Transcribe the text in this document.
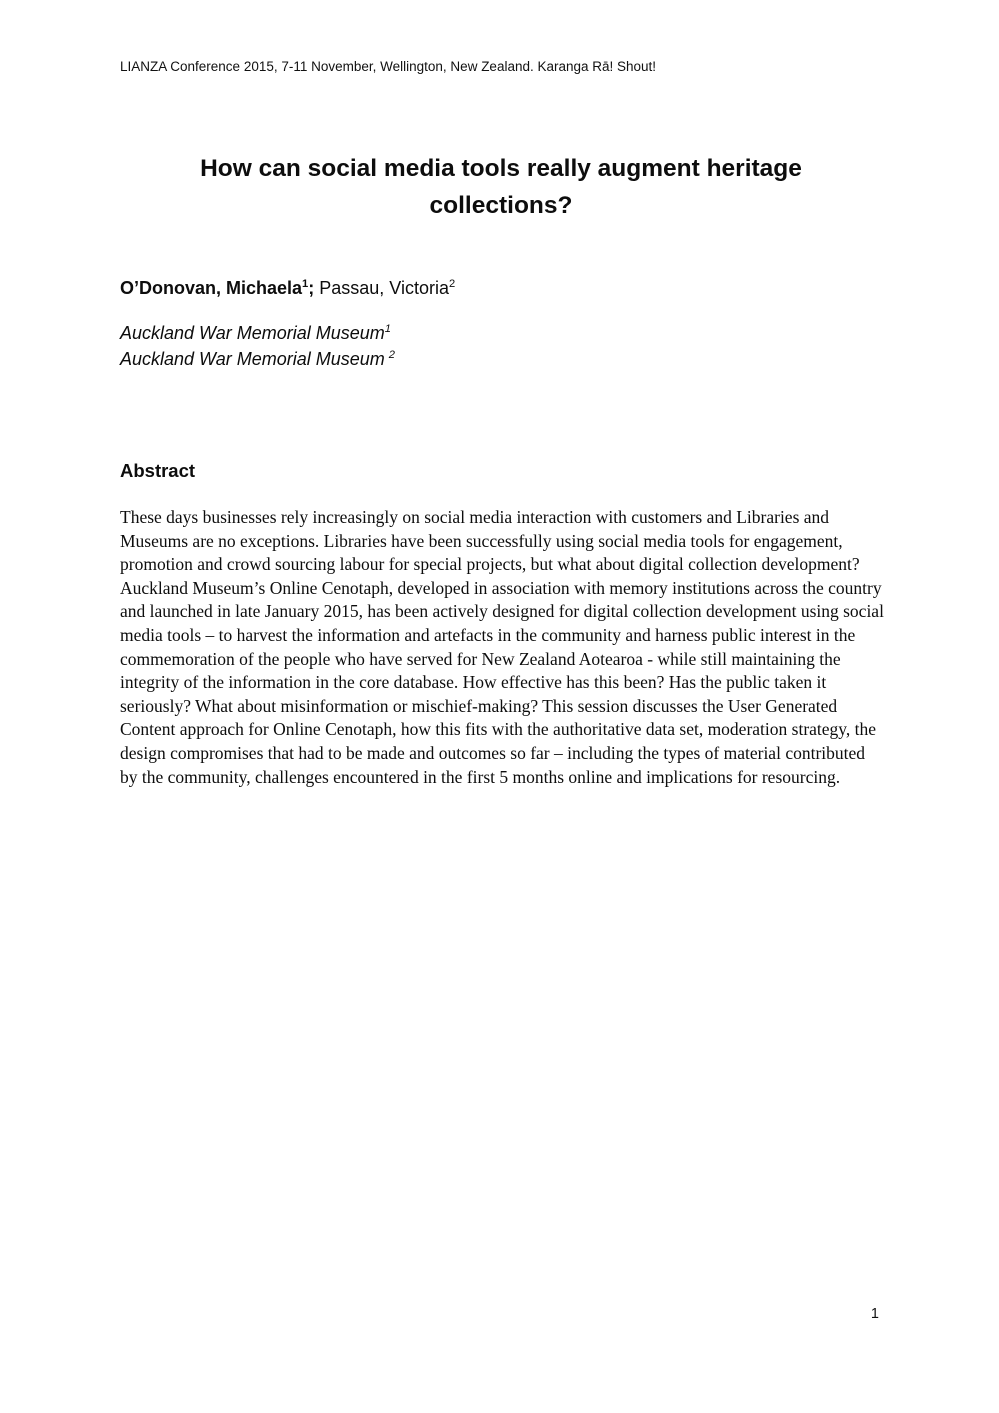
LIANZA Conference 2015, 7-11 November, Wellington, New Zealand. Karanga Rā! Shout!
How can social media tools really augment heritage collections?
O’Donovan, Michaela$^1$; Passau, Victoria$^2$
Auckland War Memorial Museum$^1$
Auckland War Memorial Museum $^2$
Abstract

These days businesses rely increasingly on social media interaction with customers and Libraries and Museums are no exceptions. Libraries have been successfully using social media tools for engagement, promotion and crowd sourcing labour for special projects, but what about digital collection development? Auckland Museum’s Online Cenotaph, developed in association with memory institutions across the country and launched in late January 2015, has been actively designed for digital collection development using social media tools – to harvest the information and artefacts in the community and harness public interest in the commemoration of the people who have served for New Zealand Aotearoa - while still maintaining the integrity of the information in the core database. How effective has this been? Has the public taken it seriously? What about misinformation or mischief-making? This session discusses the User Generated Content approach for Online Cenotaph, how this fits with the authoritative data set, moderation strategy, the design compromises that had to be made and outcomes so far – including the types of material contributed by the community, challenges encountered in the first 5 months online and implications for resourcing.

1
